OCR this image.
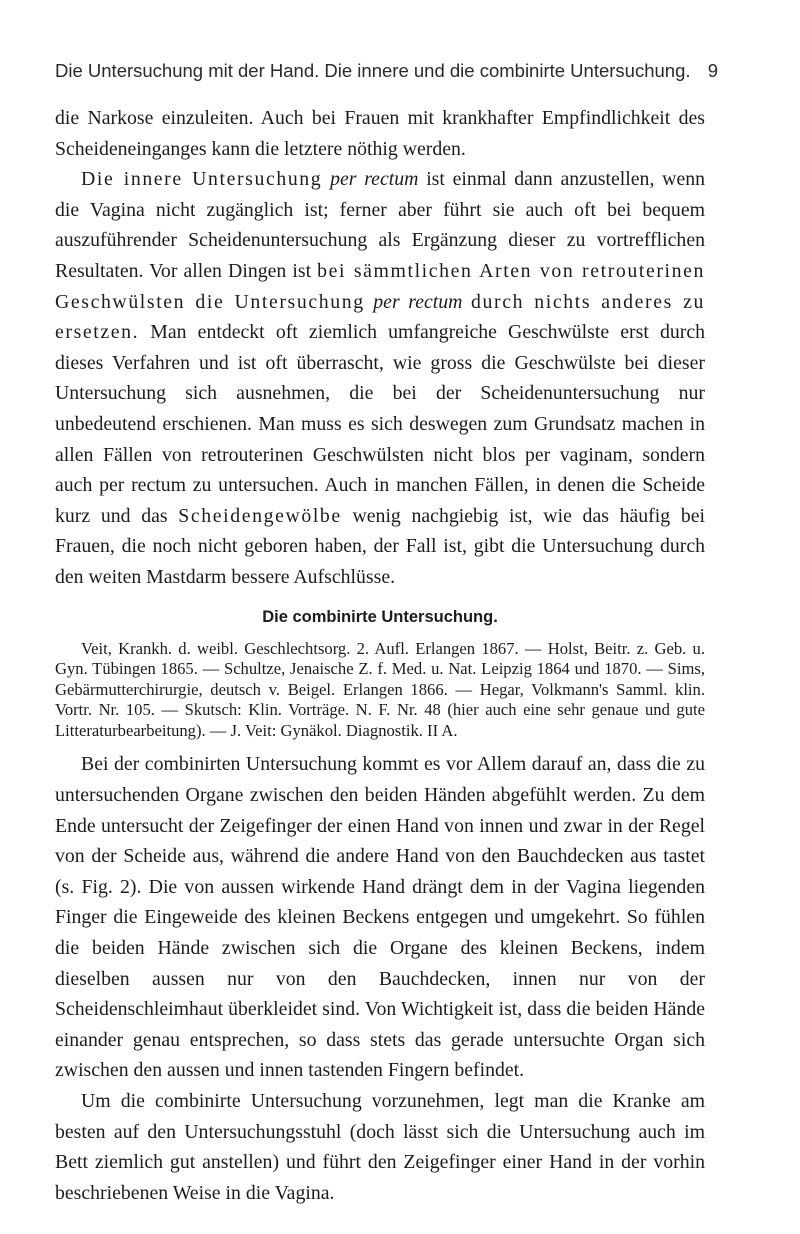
Die Untersuchung mit der Hand. Die innere und die combinirte Untersuchung. 9

die Narkose einzuleiten. Auch bei Frauen mit krankhafter Empfindlichkeit des Scheideneinganges kann die letztere nöthig werden.

Die innere Untersuchung per rectum ist einmal dann anzustellen, wenn die Vagina nicht zugänglich ist; ferner aber führt sie auch oft bei bequem auszuführender Scheidenuntersuchung als Ergänzung dieser zu vortrefflichen Resultaten. Vor allen Dingen ist bei sämmtlichen Arten von retrouterinen Geschwülsten die Untersuchung per rectum durch nichts anderes zu ersetzen. Man entdeckt oft ziemlich umfangreiche Geschwülste erst durch dieses Verfahren und ist oft überrascht, wie gross die Geschwülste bei dieser Untersuchung sich ausnehmen, die bei der Scheidenuntersuchung nur unbedeutend erschienen. Man muss es sich deswegen zum Grundsatz machen in allen Fällen von retrouterinen Geschwülsten nicht blos per vaginam, sondern auch per rectum zu untersuchen. Auch in manchen Fällen, in denen die Scheide kurz und das Scheidengewölbe wenig nachgiebig ist, wie das häufig bei Frauen, die noch nicht geboren haben, der Fall ist, gibt die Untersuchung durch den weiten Mastdarm bessere Aufschlüsse.

Die combinirte Untersuchung.

Veit, Krankh. d. weibl. Geschlechtsorg. 2. Aufl. Erlangen 1867. — Holst, Beitr. z. Geb. u. Gyn. Tübingen 1865. — Schultze, Jenaische Z. f. Med. u. Nat. Leipzig 1864 und 1870. — Sims, Gebärmutterchirurgie, deutsch v. Beigel. Erlangen 1866. — Hegar, Volkmann's Samml. klin. Vortr. Nr. 105. — Skutsch: Klin. Vorträge. N. F. Nr. 48 (hier auch eine sehr genaue und gute Litteraturbearbeitung). — J. Veit: Gynäkol. Diagnostik. II A.

Bei der combinirten Untersuchung kommt es vor Allem darauf an, dass die zu untersuchenden Organe zwischen den beiden Händen abgefühlt werden. Zu dem Ende untersucht der Zeigefinger der einen Hand von innen und zwar in der Regel von der Scheide aus, während die andere Hand von den Bauchdecken aus tastet (s. Fig. 2). Die von aussen wirkende Hand drängt dem in der Vagina liegenden Finger die Eingeweide des kleinen Beckens entgegen und umgekehrt. So fühlen die beiden Hände zwischen sich die Organe des kleinen Beckens, indem dieselben aussen nur von den Bauchdecken, innen nur von der Scheidenschleimhaut überkleidet sind. Von Wichtigkeit ist, dass die beiden Hände einander genau entsprechen, so dass stets das gerade untersuchte Organ sich zwischen den aussen und innen tastenden Fingern befindet.

Um die combinirte Untersuchung vorzunehmen, legt man die Kranke am besten auf den Untersuchungsstuhl (doch lässt sich die Untersuchung auch im Bett ziemlich gut anstellen) und führt den Zeigefinger einer Hand in der vorhin beschriebenen Weise in die Vagina.
